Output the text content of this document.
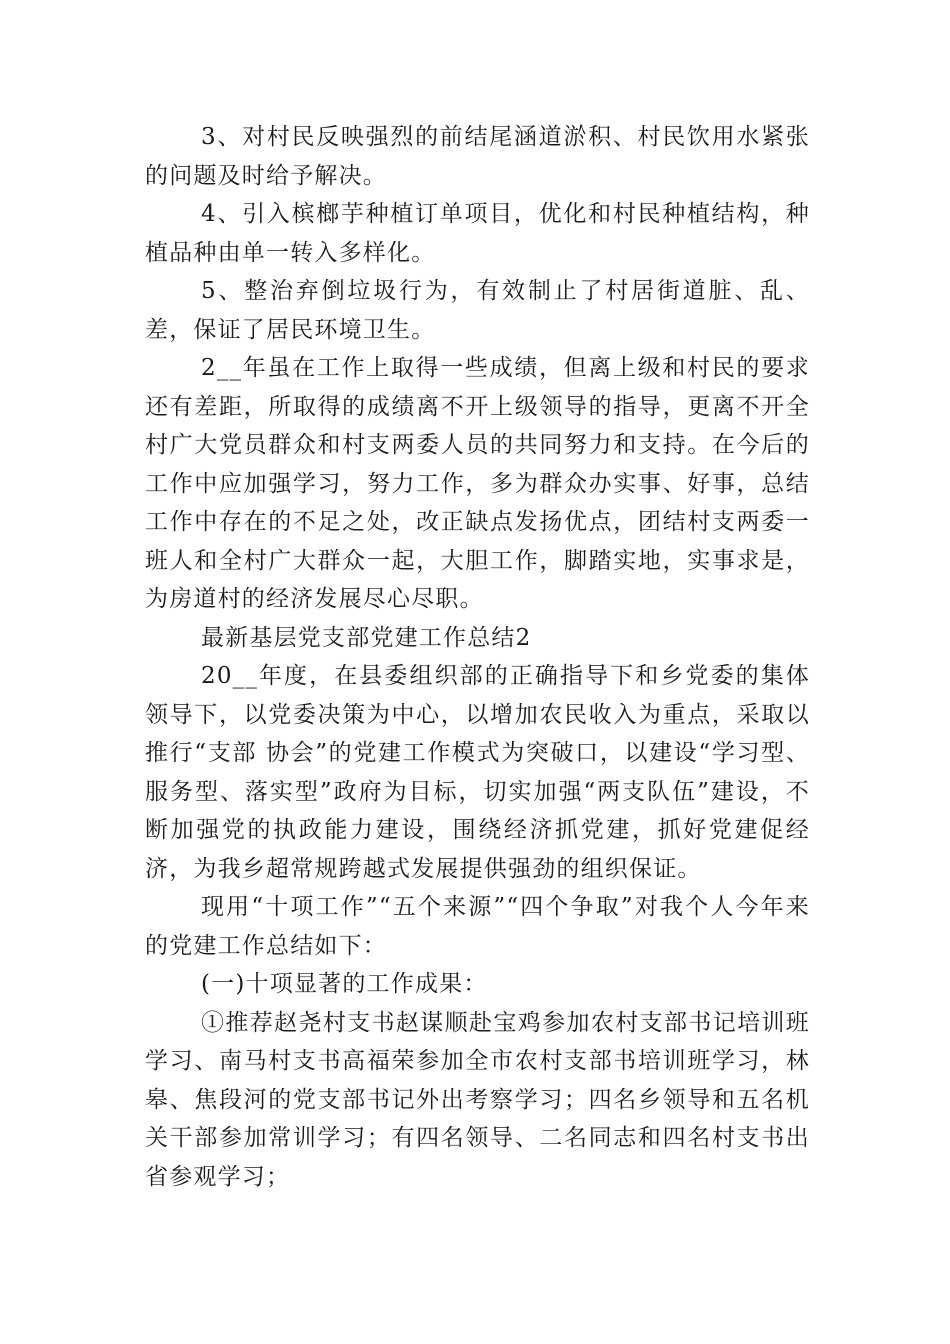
3、对村民反映强烈的前结尾涵道淤积、村民饮用水紧张的问题及时给予解决。

4、引入槟榔芋种植订单项目，优化和村民种植结构，种植品种由单一转入多样化。

5、整治弃倒垃圾行为，有效制止了村居街道脏、乱、差，保证了居民环境卫生。

2__年虽在工作上取得一些成绩，但离上级和村民的要求还有差距，所取得的成绩离不开上级领导的指导，更离不开全村广大党员群众和村支两委人员的共同努力和支持。在今后的工作中应加强学习，努力工作，多为群众办实事、好事，总结工作中存在的不足之处，改正缺点发扬优点，团结村支两委一班人和全村广大群众一起，大胆工作，脚踏实地，实事求是，为房道村的经济发展尽心尽职。

最新基层党支部党建工作总结2

20__年度，在县委组织部的正确指导下和乡党委的集体领导下，以党委决策为中心，以增加农民收入为重点，采取以推行“支部 协会”的党建工作模式为突破口，以建设“学习型、服务型、落实型”政府为目标，切实加强“两支队伍”建设，不断加强党的执政能力建设，围绕经济抓党建，抓好党建促经济，为我乡超常规跨越式发展提供强劲的组织保证。

现用“十项工作”“五个来源”“四个争取”对我个人今年来的党建工作总结如下：

(一)十项显著的工作成果：

①推荐赵尧村支书赵谋顺赴宝鸡参加农村支部书记培训班学习、南马村支书高福荣参加全市农村支部书培训班学习，林皋、焦段河的党支部书记外出考察学习；四名乡领导和五名机关干部参加常训学习；有四名领导、二名同志和四名村支书出省参观学习；
